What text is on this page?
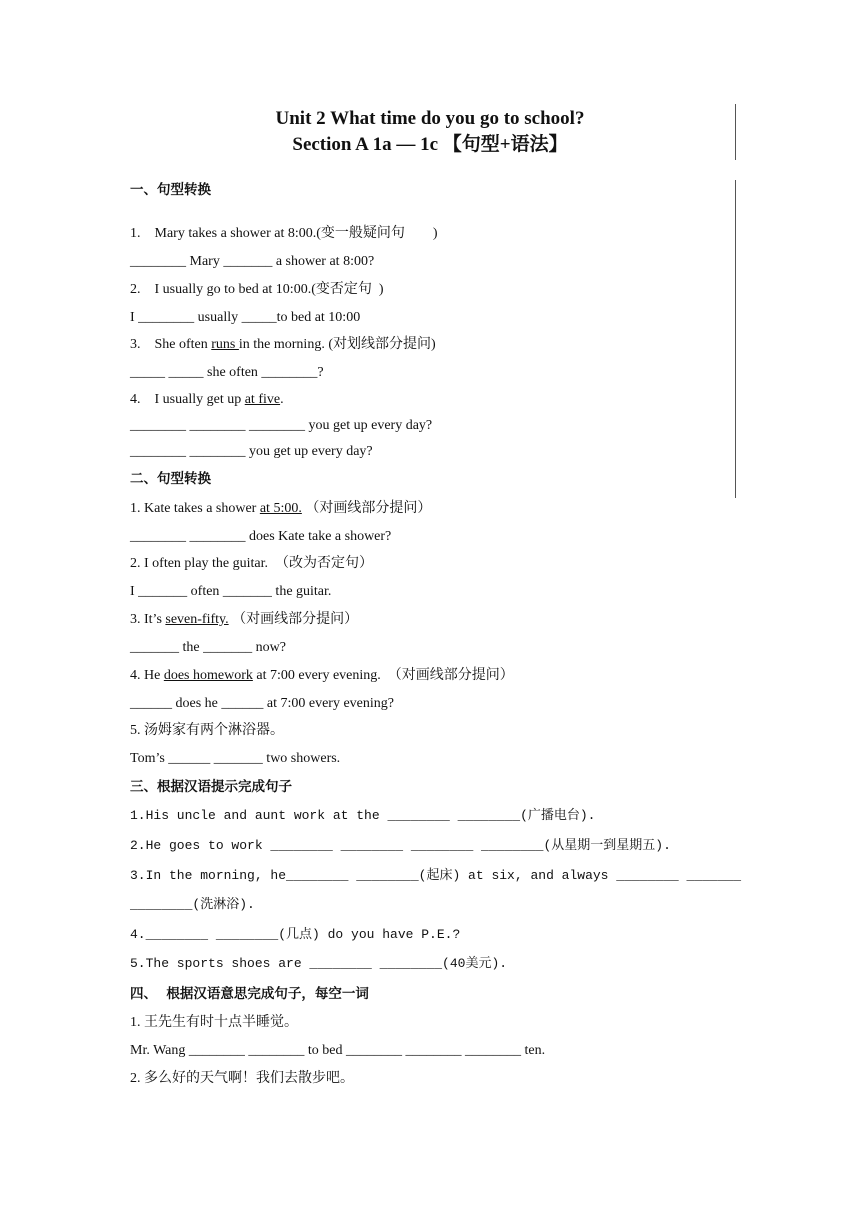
Unit 2 What time do you go to school?
Section A 1a — 1c 【句型+语法】
一、句型转换
1.    Mary takes a shower at 8:00.(变一般疑问句        )
________ Mary _______ a shower at 8:00?
2.    I usually go to bed at 10:00.(变否定句  )
I ________ usually _____to bed at 10:00
3.    She often runs in the morning. (对划线部分提问)
_____ _____ she often ________?
4.    I usually get up at five.
________ ________ ________ you get up every day?
________ ________ you get up every day?
二、句型转换
1. Kate takes a shower at 5:00. （对画线部分提问）
________ ________ does Kate take a shower?
2. I often play the guitar.  （改为否定句）
I _______ often _______ the guitar.
3. It’s seven-fifty. （对画线部分提问）
_______ the _______ now?
4. He does homework at 7:00 every evening.  （对画线部分提问）
______ does he ______ at 7:00 every evening?
5. 汤姆家有两个淋浴器。
Tom’s ______ _______ two showers.
三、根据汉语提示完成句子
1.His uncle and aunt work at the ________ ________(广播电台).
2.He goes to work ________ ________ ________ ________(从星期一到星期五).
3.In the morning, he________ ________(起床) at six, and always ________ _______
________(洗淋浴).
4.________ ________(几点) do you have P.E.?
5.The sports shoes are ________ ________(40美元).
四、  根据汉语意思完成句子，每空一词
1. 王先生有时十点半睡觉。
Mr. Wang ________ ________ to bed ________ ________ ________ ten.
2. 多么好的天气啊！我们去散步吧。
